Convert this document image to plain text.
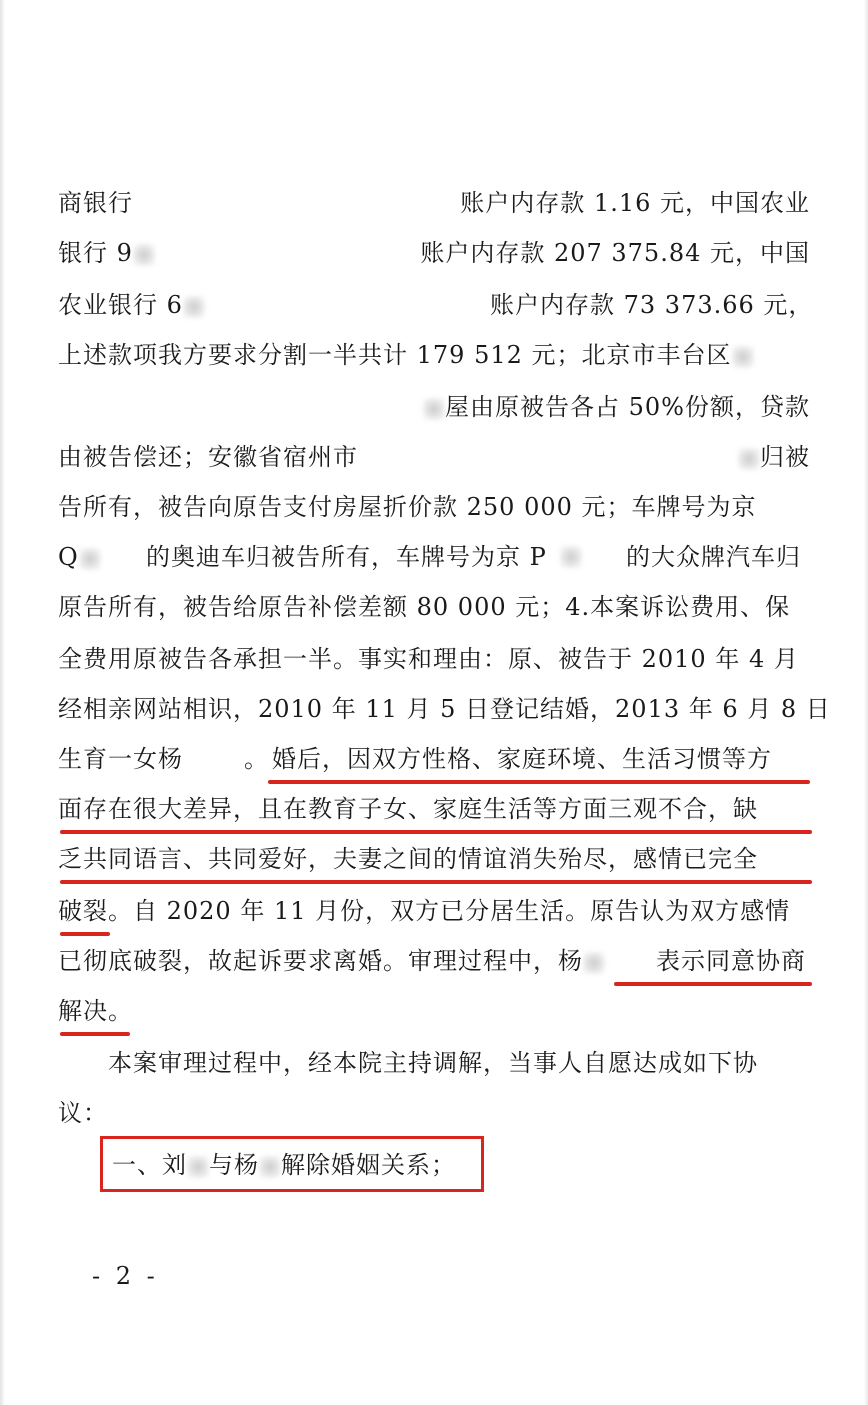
商银行	账户内存款 1.16 元，中国农业
银行 9	账户内存款 207 375.84 元，中国
农业银行 6	账户内存款 73 373.66 元，
上述款项我方要求分割一半共计 179 512 元；北京市丰台区
屋由原被告各占 50%份额，贷款
由被告偿还；安徽省宿州市	归被
告所有，被告向原告支付房屋折价款 250 000 元；车牌号为京
Q	的奥迪车归被告所有，车牌号为京 P	的大众牌汽车归
原告所有，被告给原告补偿差额 80 000 元；4.本案诉讼费用、保
全费用原被告各承担一半。事实和理由：原、被告于 2010 年 4 月
经相亲网站相识，2010 年 11 月 5 日登记结婚，2013 年 6 月 8 日
生育一女杨	。 婚后，因双方性格、家庭环境、生活习惯等方
面存在很大差异，且在教育子女、家庭生活等方面三观不合，缺
乏共同语言、共同爱好，夫妻之间的情谊消失殆尽，感情已完全
破裂。自 2020 年 11 月份，双方已分居生活。原告认为双方感情
已彻底破裂，故起诉要求离婚。审理过程中，杨	表示同意协商
解决。
本案审理过程中，经本院主持调解，当事人自愿达成如下协
议：
一、刘 与杨 解除婚姻关系；
- 2 -
